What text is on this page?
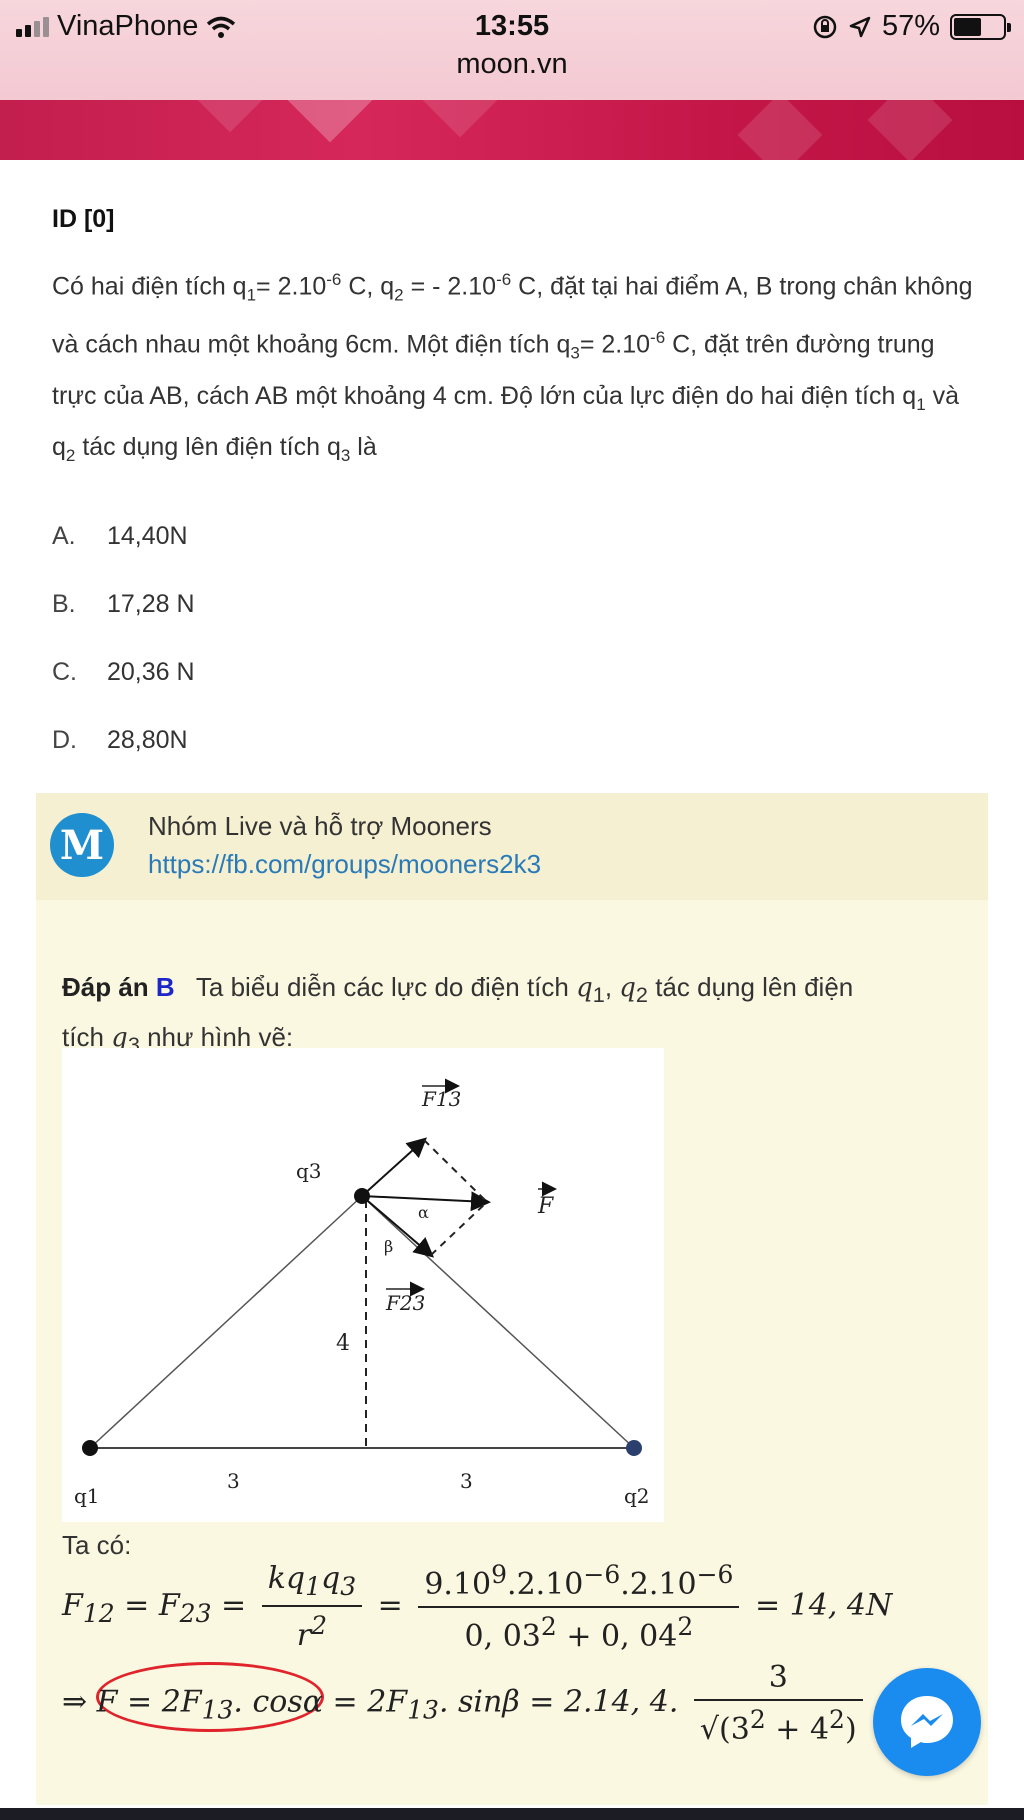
VinaPhone	13:55	57%
moon.vn
ID [0]
Có hai điện tích $q_1= 2.10^{-6}$ C, $q_2$ = - $2.10^{-6}$ C, đặt tại hai điểm A, B trong chân không và cách nhau một khoảng 6cm. Một điện tích $q_3= 2.10^{-6}$ C, đặt trên đường trung trực của AB, cách AB một khoảng 4 cm. Độ lớn của lực điện do hai điện tích $q_1$ và $q_2$ tác dụng lên điện tích $q_3$ là
A.	14,40N
B.	17,28 N
C.	20,36 N
D.	28,80N
M Nhóm Live và hỗ trợ Mooners
https://fb.com/groups/mooners2k3
Đáp án B Ta biểu diễn các lực do điện tích $q_1$, $q_2$ tác dụng lên điện
tích $q_3$ như hình vẽ:
q1	q2
q3
3	3
4
α
β
F13
F23
F
Ta có:
$F_{12} = F_{23} = \frac{kq_1q_3}{r^2} = \frac{9.10^9.2.10^{-6}.2.10^{-6}}{0, 03^2 + 0, 04^2} = 14$, 4N
⇒ $F = 2F_{13}$. $\cos\alpha = 2F_{13}$. sinβ = 2.14, 4. $\frac{3}{√(3^2 + 4^2)}$
